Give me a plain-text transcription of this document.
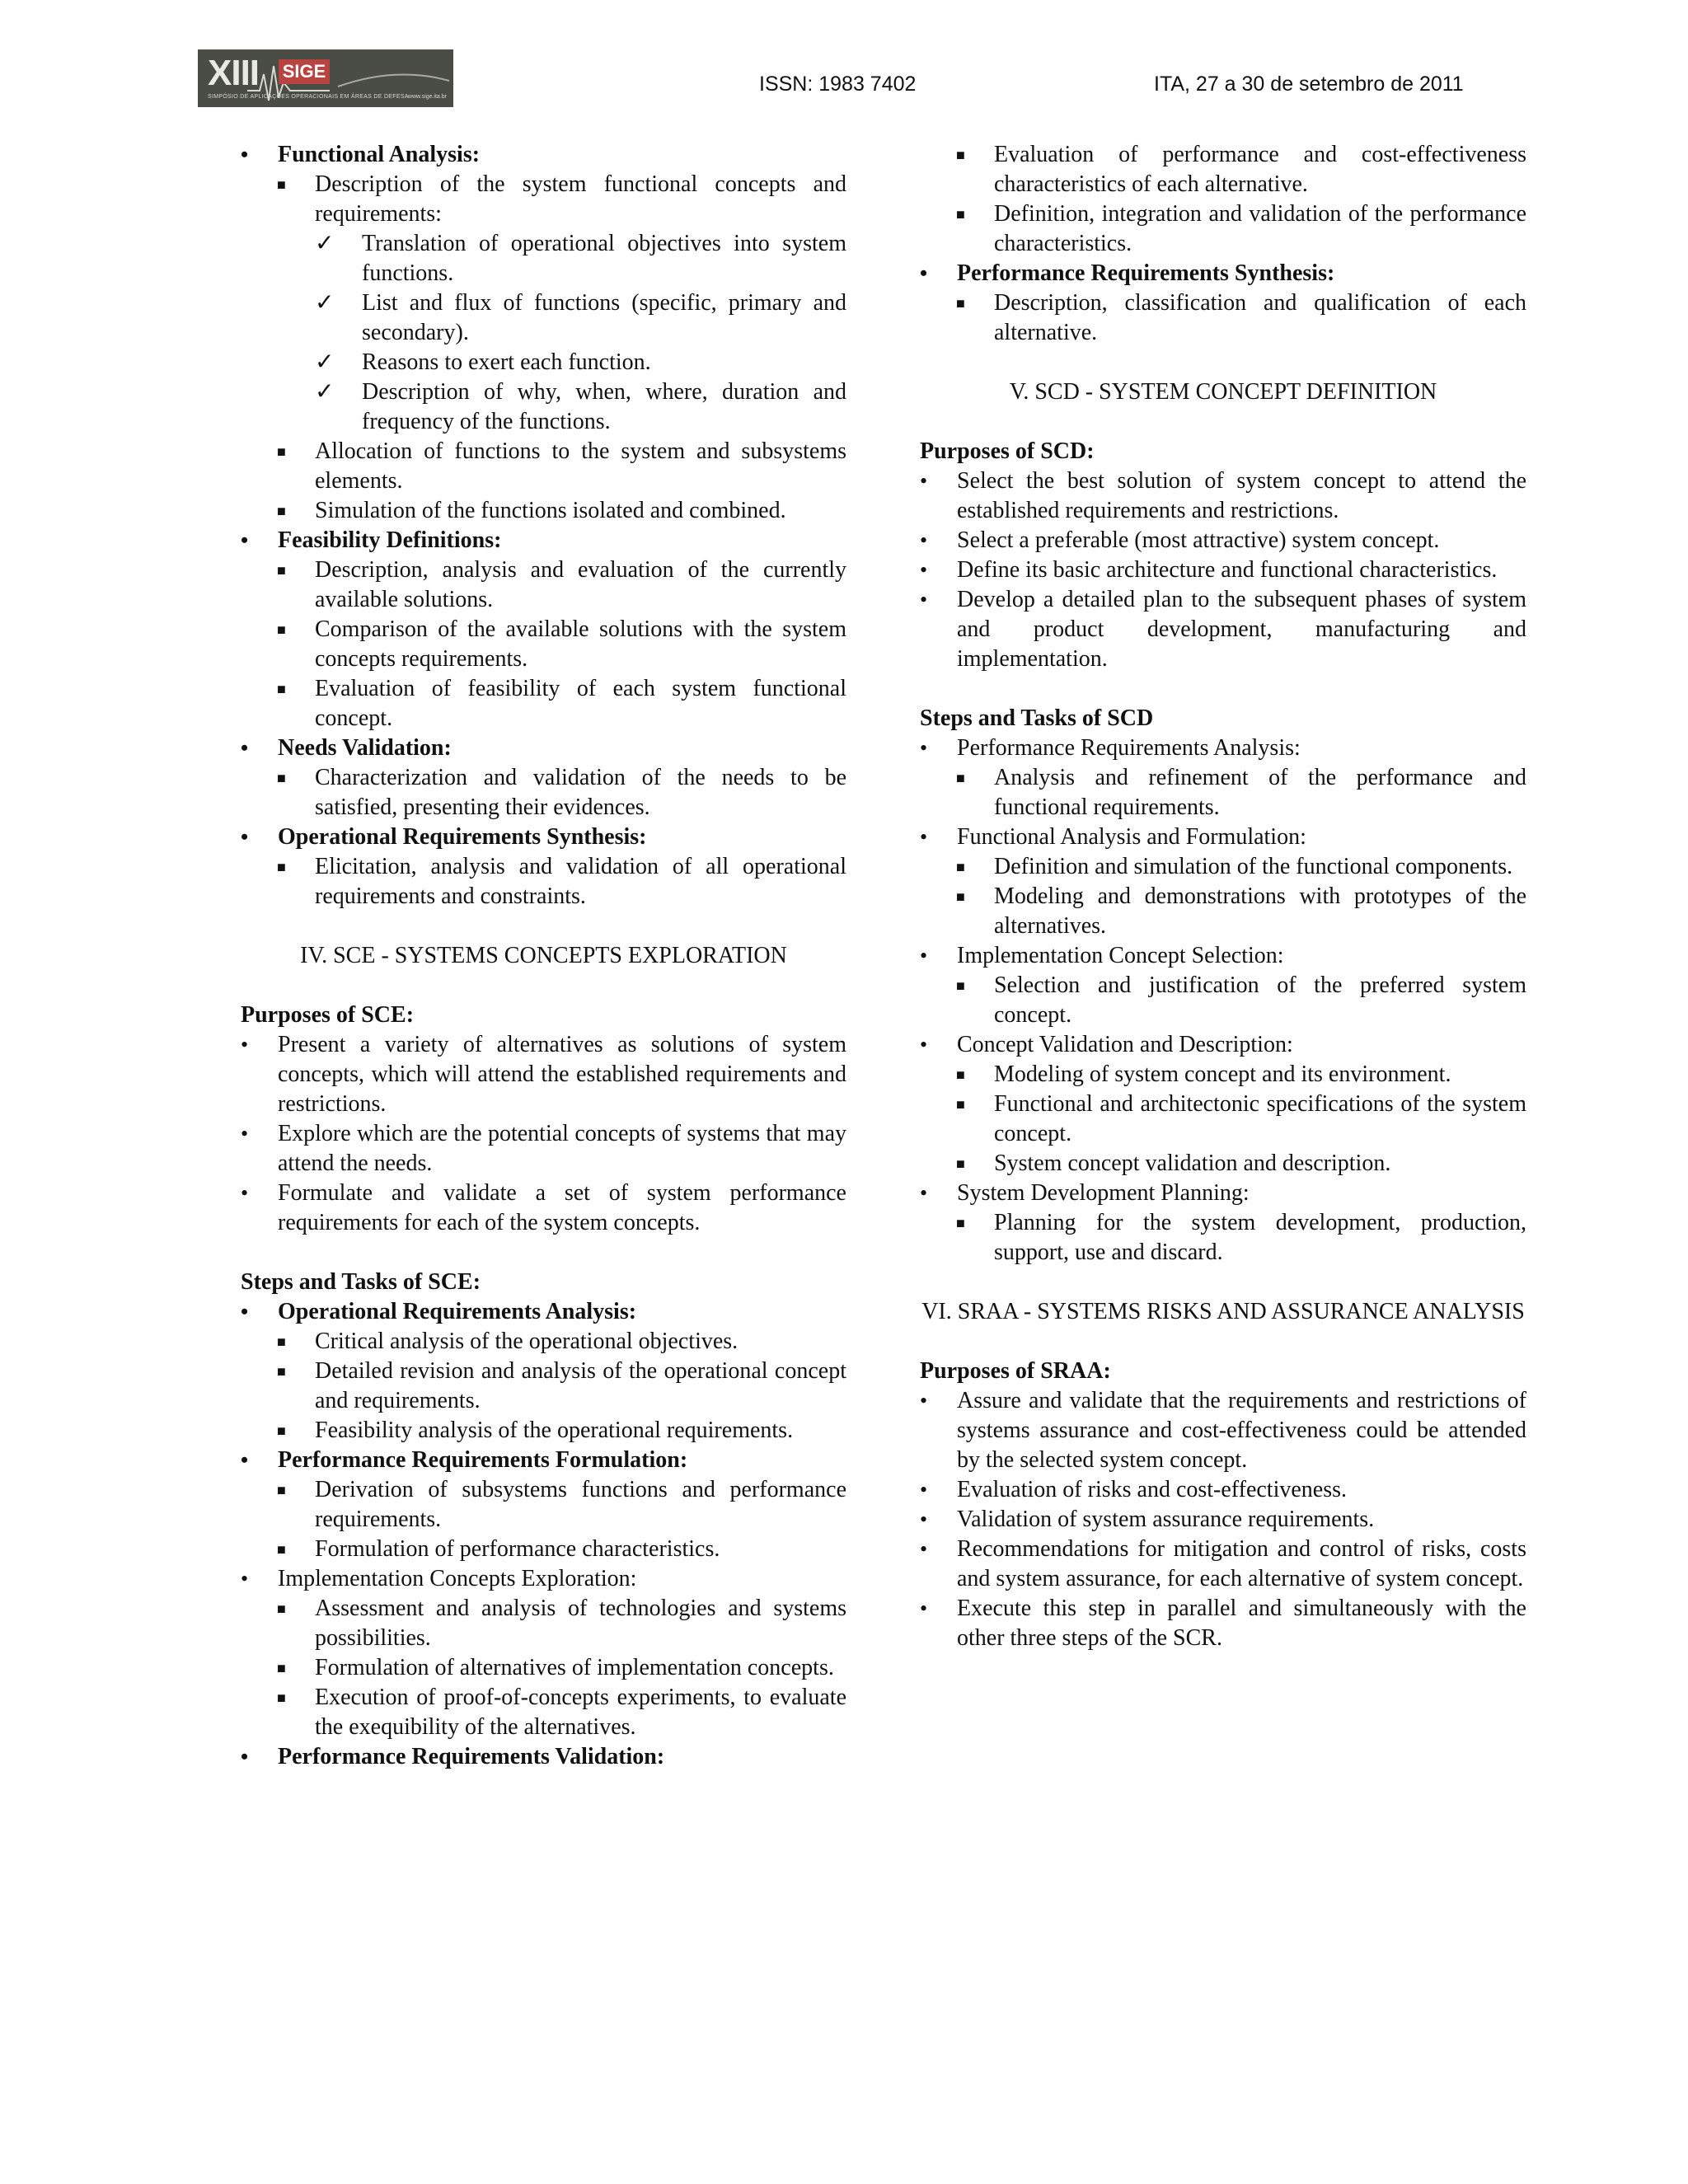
XIII SIGE
SIMPÓSIO DE APLICAÇÕES OPERACIONAIS EM ÁREAS DE DEFESA www.sige.ita.br
ISSN: 1983 7402	ITA, 27 a 30 de setembro de 2011
• Functional Analysis:
■ Description of the system functional concepts and requirements:
✓ Translation of operational objectives into system functions.
✓ List and flux of functions (specific, primary and secondary).
✓ Reasons to exert each function.
✓ Description of why, when, where, duration and frequency of the functions.
■ Allocation of functions to the system and subsystems elements.
■ Simulation of the functions isolated and combined.
• Feasibility Definitions:
■ Description, analysis and evaluation of the currently available solutions.
■ Comparison of the available solutions with the system concepts requirements.
■ Evaluation of feasibility of each system functional concept.
• Needs Validation:
■ Characterization and validation of the needs to be satisfied, presenting their evidences.
• Operational Requirements Synthesis:
■ Elicitation, analysis and validation of all operational requirements and constraints.
IV. SCE - SYSTEMS CONCEPTS EXPLORATION
Purposes of SCE:
• Present a variety of alternatives as solutions of system concepts, which will attend the established requirements and restrictions.
• Explore which are the potential concepts of systems that may attend the needs.
• Formulate and validate a set of system performance requirements for each of the system concepts.
Steps and Tasks of SCE:
• Operational Requirements Analysis:
■ Critical analysis of the operational objectives.
■ Detailed revision and analysis of the operational concept and requirements.
■ Feasibility analysis of the operational requirements.
• Performance Requirements Formulation:
■ Derivation of subsystems functions and performance requirements.
■ Formulation of performance characteristics.
• Implementation Concepts Exploration:
■ Assessment and analysis of technologies and systems possibilities.
■ Formulation of alternatives of implementation concepts.
■ Execution of proof-of-concepts experiments, to evaluate the exequibility of the alternatives.
• Performance Requirements Validation:
■ Evaluation of performance and cost-effectiveness characteristics of each alternative.
■ Definition, integration and validation of the performance characteristics.
• Performance Requirements Synthesis:
■ Description, classification and qualification of each alternative.
V. SCD - SYSTEM CONCEPT DEFINITION
Purposes of SCD:
• Select the best solution of system concept to attend the established requirements and restrictions.
• Select a preferable (most attractive) system concept.
• Define its basic architecture and functional characteristics.
• Develop a detailed plan to the subsequent phases of system and product development, manufacturing and implementation.
Steps and Tasks of SCD
• Performance Requirements Analysis:
■ Analysis and refinement of the performance and functional requirements.
• Functional Analysis and Formulation:
■ Definition and simulation of the functional components.
■ Modeling and demonstrations with prototypes of the alternatives.
• Implementation Concept Selection:
■ Selection and justification of the preferred system concept.
• Concept Validation and Description:
■ Modeling of system concept and its environment.
■ Functional and architectonic specifications of the system concept.
■ System concept validation and description.
• System Development Planning:
■ Planning for the system development, production, support, use and discard.
VI. SRAA - SYSTEMS RISKS AND ASSURANCE ANALYSIS
Purposes of SRAA:
• Assure and validate that the requirements and restrictions of systems assurance and cost-effectiveness could be attended by the selected system concept.
• Evaluation of risks and cost-effectiveness.
• Validation of system assurance requirements.
• Recommendations for mitigation and control of risks, costs and system assurance, for each alternative of system concept.
• Execute this step in parallel and simultaneously with the other three steps of the SCR.
